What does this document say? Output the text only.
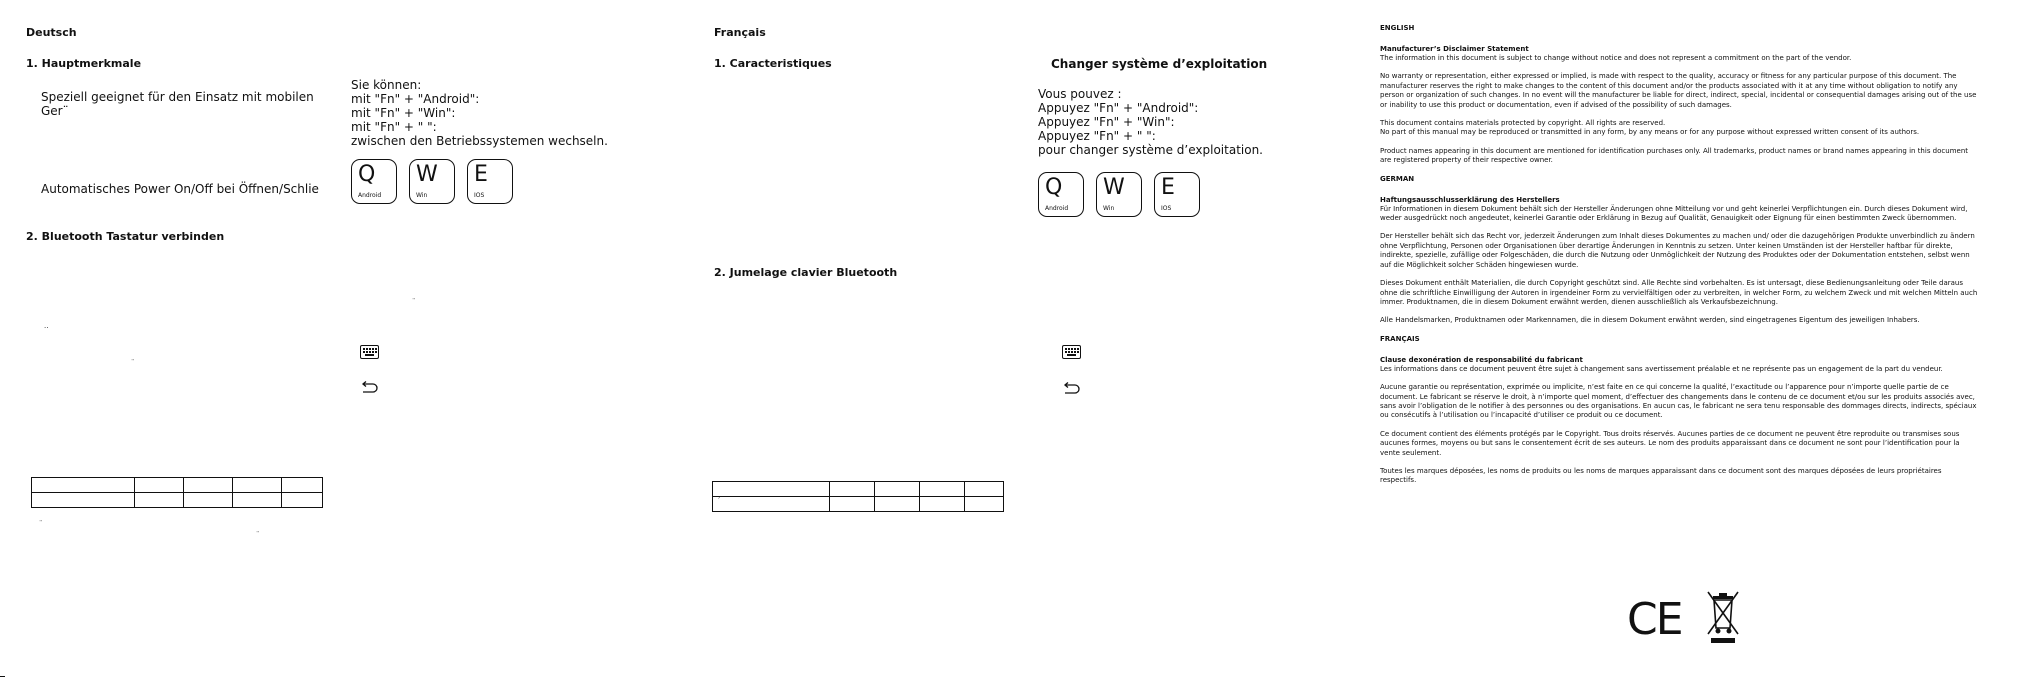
Deutsch
1. Hauptmerkmale
Speziell geeignet für den Einsatz mit mobilen
Ger¨
Automatisches Power On/Off bei Öffnen/Schlie
Sie können:
mit "Fn" + "Android":
mit "Fn" + "Win":
mit "Fn" + " ":
zwischen den Betriebssystemen wechseln.
Q
Android
W
Win
E
IOS
2. Bluetooth Tastatur verbinden
¨
..
¨

¨
¨
Français
1. Caracteristiques	Changer système d’exploitation
Vous pouvez :
Appuyez "Fn" + "Android":
Appuyez "Fn" + "Win":
Appuyez "Fn" + " ":
pour changer système d’exploitation.
Q
Android
W
Win
E
IOS
2. Jumelage clavier Bluetooth

´
ENGLISH
Manufacturer’s Disclaimer Statement
The information in this document is subject to change without notice and does not represent a commitment on the part of the vendor.
No warranty or representation, either expressed or implied, is made with respect to the quality, accuracy or fitness for any particular purpose of this document. The manufacturer reserves the right to make changes to the content of this document and/or the products associated with it at any time without obligation to notify any person or organization of such changes. In no event will the manufacturer be liable for direct, indirect, special, incidental or consequential damages arising out of the use or inability to use this product or documentation, even if advised of the possibility of such damages.
This document contains materials protected by copyright. All rights are reserved.
No part of this manual may be reproduced or transmitted in any form, by any means or for any purpose without expressed written consent of its authors.
Product names appearing in this document are mentioned for identification purchases only. All trademarks, product names or brand names appearing in this document are registered property of their respective owner.
GERMAN
Haftungsausschlusserklärung des Herstellers
Für Informationen in diesem Dokument behält sich der Hersteller Änderungen ohne Mitteilung vor und geht keinerlei Verpflichtungen ein. Durch dieses Dokument wird, weder ausgedrückt noch angedeutet, keinerlei Garantie oder Erklärung in Bezug auf Qualität, Genauigkeit oder Eignung für einen bestimmten Zweck übernommen.
Der Hersteller behält sich das Recht vor, jederzeit Änderungen zum Inhalt dieses Dokumentes zu machen und/ oder die dazugehörigen Produkte unverbindlich zu ändern ohne Verpflichtung, Personen oder Organisationen über derartige Änderungen in Kenntnis zu setzen. Unter keinen Umständen ist der Hersteller haftbar für direkte, indirekte, spezielle, zufällige oder Folgeschäden, die durch die Nutzung oder Unmöglichkeit der Nutzung des Produktes oder der Dokumentation entstehen, selbst wenn auf die Möglichkeit solcher Schäden hingewiesen wurde.
Dieses Dokument enthält Materialien, die durch Copyright geschützt sind. Alle Rechte sind vorbehalten. Es ist untersagt, diese Bedienungsanleitung oder Teile daraus ohne die schriftliche Einwilligung der Autoren in irgendeiner Form zu vervielfältigen oder zu verbreiten, in welcher Form, zu welchem Zweck und mit welchen Mitteln auch immer. Produktnamen, die in diesem Dokument erwähnt werden, dienen ausschließlich als Verkaufsbezeichnung.
Alle Handelsmarken, Produktnamen oder Markennamen, die in diesem Dokument erwähnt werden, sind eingetragenes Eigentum des jeweiligen Inhabers.
FRANÇAIS
Clause dexonération de responsabilité du fabricant
Les informations dans ce document peuvent être sujet à changement sans avertissement préalable et ne représente pas un engagement de la part du vendeur.
Aucune garantie ou représentation, exprimée ou implicite, n’est faite en ce qui concerne la qualité, l’exactitude ou l’apparence pour n’importe quelle partie de ce document. Le fabricant se réserve le droit, à n’importe quel moment, d’effectuer des changements dans le contenu de ce document et/ou sur les produits associés avec, sans avoir l’obligation de le notifier à des personnes ou des organisations. En aucun cas, le fabricant ne sera tenu responsable des dommages directs, indirects, spéciaux ou consécutifs à l’utilisation ou l’incapacité d’utiliser ce produit ou ce document.
Ce document contient des éléments protégés par le Copyright. Tous droits réservés. Aucunes parties de ce document ne peuvent être reproduite ou transmises sous aucunes formes, moyens ou but sans le consentement écrit de ses auteurs. Le nom des produits apparaissant dans ce document ne sont pour l’identification pour la vente seulement.
Toutes les marques déposées, les noms de produits ou les noms de marques apparaissant dans ce document sont des marques déposées de leurs propriétaires respectifs.
CE
